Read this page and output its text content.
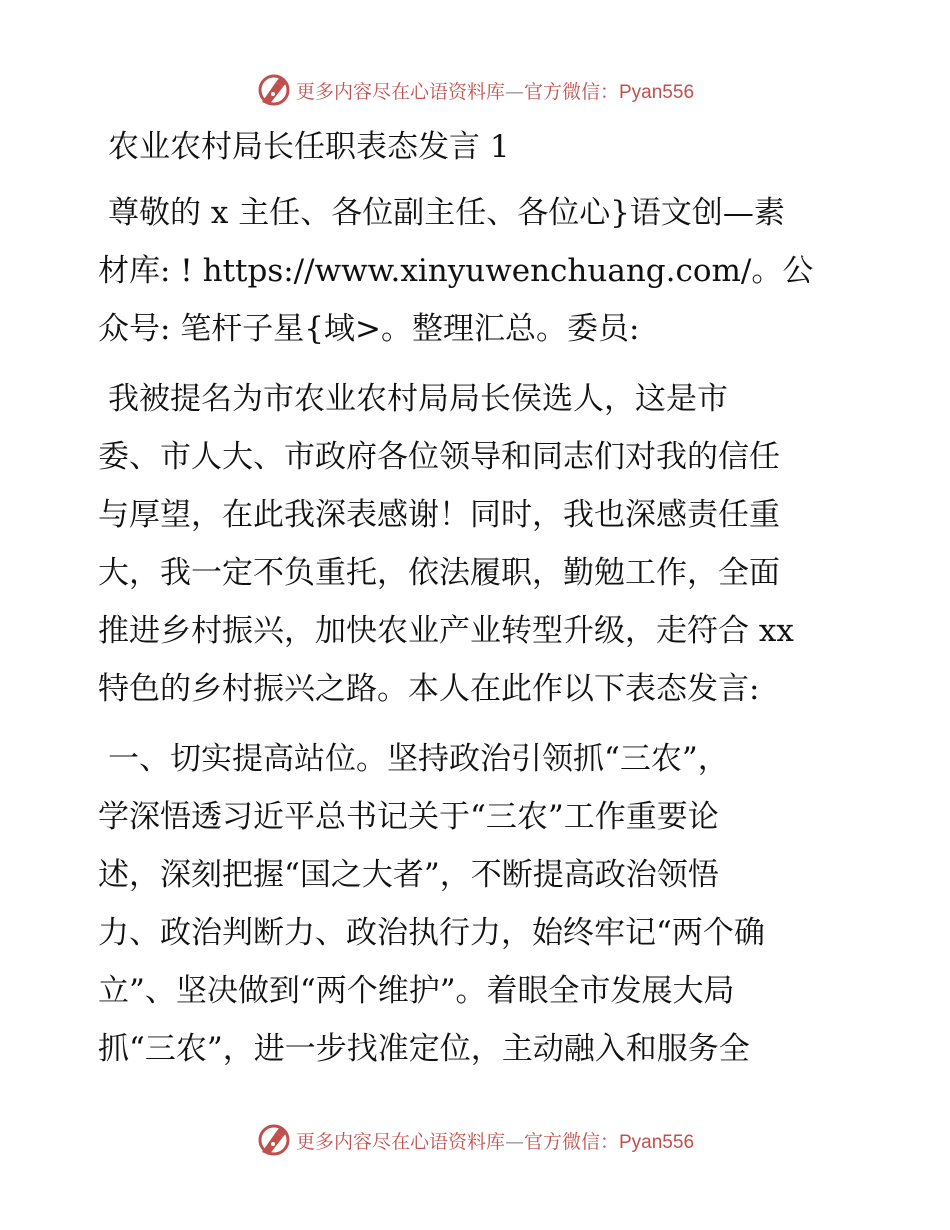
更多内容尽在心语资料库—官方微信：Pyan556
农业农村局长任职表态发言 1
尊敬的 x 主任、各位副主任、各位心}语文创—素
材库: ! https://www.xinyuwenchuang.com/。公
众号: 笔杆子星{域>。整理汇总。委员:
我被提名为市农业农村局局长侯选人，这是市
委、市人大、市政府各位领导和同志们对我的信任
与厚望，在此我深表感谢！同时，我也深感责任重
大，我一定不负重托，依法履职，勤勉工作，全面
推进乡村振兴，加快农业产业转型升级，走符合 xx
特色的乡村振兴之路。本人在此作以下表态发言:
一、切实提高站位。坚持政治引领抓“三农”，
学深悟透习近平总书记关于“三农”工作重要论
述，深刻把握“国之大者”，不断提高政治领悟
力、政治判断力、政治执行力，始终牢记“两个确
立”、坚决做到“两个维护”。着眼全市发展大局
抓“三农”，进一步找准定位，主动融入和服务全
更多内容尽在心语资料库—官方微信：Pyan556
